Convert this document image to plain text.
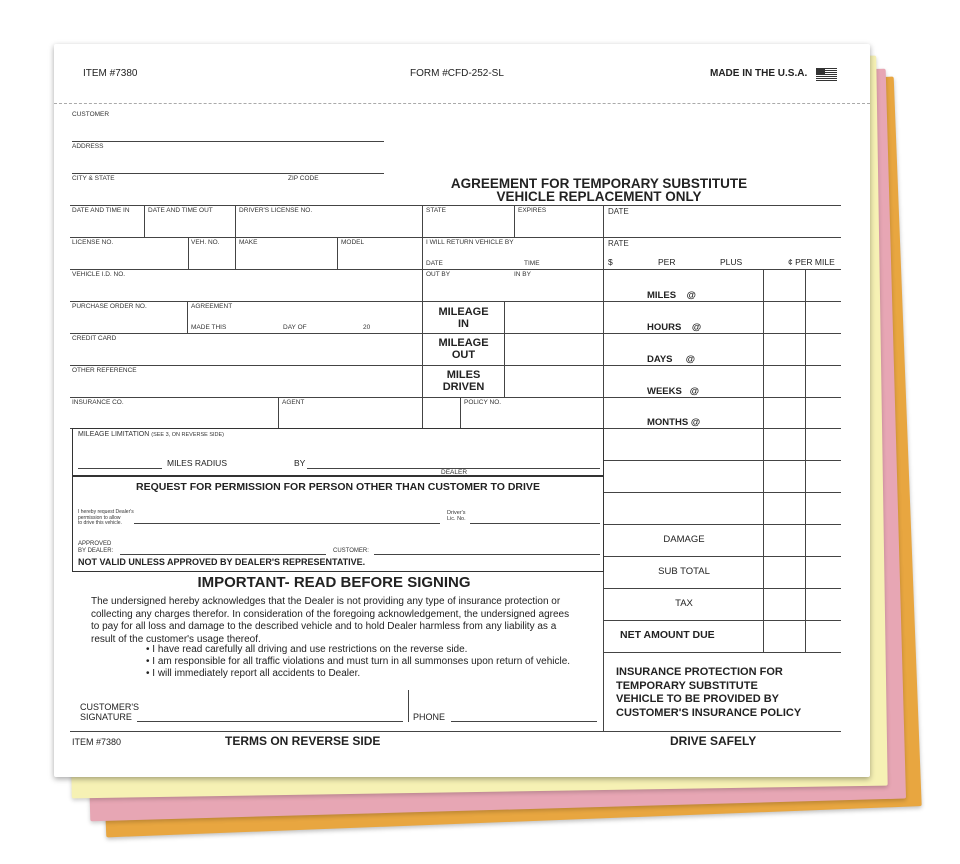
ITEM #7380	FORM #CFD-252-SL	MADE IN THE U.S.A.
CUSTOMER
ADDRESS
CITY & STATE	ZIP CODE	AGREEMENT FOR TEMPORARY SUBSTITUTE
VEHICLE REPLACEMENT ONLY
DATE AND TIME IN	DATE AND TIME OUT	DRIVER'S LICENSE NO.	STATE	EXPIRES	DATE
LICENSE NO.	VEH. NO.	MAKE	MODEL	I WILL RETURN VEHICLE BY
DATE	TIME
RATE
$	PER	PLUS	¢ PER MILE
VEHICLE I.D. NO.	OUT BY	IN BY
PURCHASE ORDER NO.	AGREEMENT
MADE THIS	DAY OF	20
CREDIT CARD
OTHER REFERENCE
INSURANCE CO.	AGENT	POLICY NO.
MILEAGE
IN
MILEAGE
OUT
MILES
DRIVEN
MILES @
HOURS @
DAYS @
WEEKS @
MONTHS @
DAMAGE
SUB TOTAL
TAX
NET AMOUNT DUE
INSURANCE PROTECTION FOR
TEMPORARY SUBSTITUTE
VEHICLE TO BE PROVIDED BY
CUSTOMER'S INSURANCE POLICY
MILEAGE LIMITATION (SEE 3, ON REVERSE SIDE)
MILES RADIUS	BY
DEALER
REQUEST FOR PERMISSION FOR PERSON OTHER THAN CUSTOMER TO DRIVE
I hereby request Dealer's
permission to allow
to drive this vehicle.
Driver's
Lic. No.
APPROVED
BY DEALER:	CUSTOMER:
NOT VALID UNLESS APPROVED BY DEALER'S REPRESENTATIVE.
IMPORTANT- READ BEFORE SIGNING
The undersigned hereby acknowledges that the Dealer is not providing any type of insurance protection or
collecting any charges therefor. In consideration of the foregoing acknowledgement, the undersigned agrees
to pay for all loss and damage to the described vehicle and to hold Dealer harmless from any liability as a
result of the customer's usage thereof.
• I have read carefully all driving and use restrictions on the reverse side.
• I am responsible for all traffic violations and must turn in all summonses upon return of vehicle.
• I will immediately report all accidents to Dealer.
CUSTOMER'S
SIGNATURE	PHONE
ITEM #7380	TERMS ON REVERSE SIDE	DRIVE SAFELY
